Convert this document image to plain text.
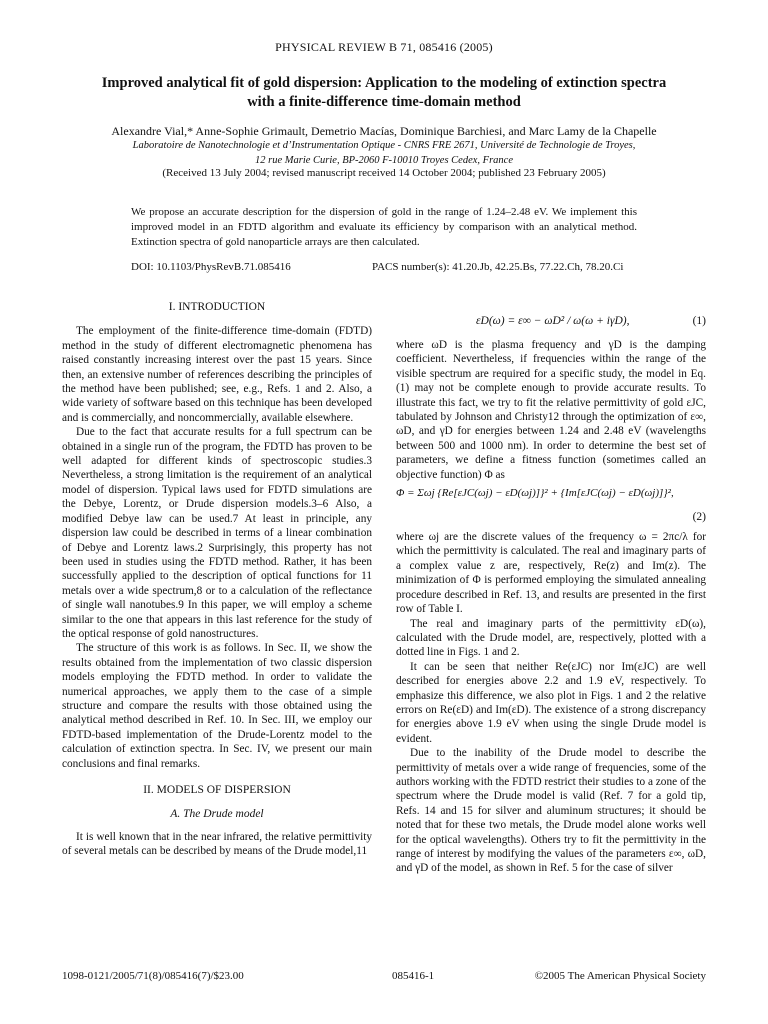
PHYSICAL REVIEW B 71, 085416 (2005)
Improved analytical fit of gold dispersion: Application to the modeling of extinction spectra
with a finite-difference time-domain method
Alexandre Vial,* Anne-Sophie Grimault, Demetrio Macías, Dominique Barchiesi, and Marc Lamy de la Chapelle
Laboratoire de Nanotechnologie et d’Instrumentation Optique - CNRS FRE 2671, Université de Technologie de Troyes,
12 rue Marie Curie, BP-2060 F-10010 Troyes Cedex, France
(Received 13 July 2004; revised manuscript received 14 October 2004; published 23 February 2005)
We propose an accurate description for the dispersion of gold in the range of 1.24–2.48 eV. We implement this improved model in an FDTD algorithm and evaluate its efficiency by comparison with an analytical method. Extinction spectra of gold nanoparticle arrays are then calculated.
DOI: 10.1103/PhysRevB.71.085416	PACS number(s): 41.20.Jb, 42.25.Bs, 77.22.Ch, 78.20.Ci
I. INTRODUCTION

The employment of the finite-difference time-domain (FDTD) method in the study of different electromagnetic phenomena has raised constantly increasing interest over the past 15 years. Since then, an extensive number of references describing the principles of the method have been published; see, e.g., Refs. 1 and 2. Also, a wide variety of software based on this technique has been developed and is commercially, and noncommercially, available elsewhere.

Due to the fact that accurate results for a full spectrum can be obtained in a single run of the program, the FDTD has proven to be well adapted for different kinds of spectroscopic studies.3 Nevertheless, a strong limitation is the requirement of an analytical model of dispersion. Typical laws used for FDTD simulations are the Debye, Lorentz, or Drude dispersion models.3–6 Also, a modified Debye law can be used.7 At least in principle, any dispersion law could be described in terms of a linear combination of Debye and Lorentz laws.2 Surprisingly, this property has not been used in studies using the FDTD method. Rather, it has been successfully applied to the description of optical functions for 11 metals over a wide spectrum,8 or to a calculation of the reflectance of single wall nanotubes.9 In this paper, we will employ a scheme similar to the one that appears in this last reference for the study of the optical response of gold nanostructures.

The structure of this work is as follows. In Sec. II, we show the results obtained from the implementation of two classic dispersion models employing the FDTD method. In order to validate the numerical approaches, we apply them to the case of a simple structure and compare the results with those obtained using the analytical method described in Ref. 10. In Sec. III, we employ our FDTD-based implementation of the Drude-Lorentz model to the calculation of extinction spectra. In Sec. IV, we present our main conclusions and final remarks.

II. MODELS OF DISPERSION
A. The Drude model

It is well known that in the near infrared, the relative permittivity of several metals can be described by means of the Drude model,11

εD(ω) = ε∞ − ωD² / ω(ω + iγD),	(1)

where ωD is the plasma frequency and γD is the damping coefficient. Nevertheless, if frequencies within the range of the visible spectrum are required for a specific study, the model in Eq. (1) may not be complete enough to provide accurate results. To illustrate this fact, we try to fit the relative permittivity of gold εJC, tabulated by Johnson and Christy12 through the optimization of ε∞, ωD, and γD for energies between 1.24 and 2.48 eV (wavelengths between 500 and 1000 nm). In order to determine the best set of parameters, we define a fitness function (sometimes called an objective function) Φ as

Φ = Σωj {Re[εJC(ωj) − εD(ωj)]}² + {Im[εJC(ωj) − εD(ωj)]}²,
(2)

where ωj are the discrete values of the frequency ω = 2πc/λ for which the permittivity is calculated. The real and imaginary parts of a complex value z are, respectively, Re(z) and Im(z). The minimization of Φ is performed employing the simulated annealing procedure described in Ref. 13, and results are presented in the first row of Table I.

The real and imaginary parts of the permittivity εD(ω), calculated with the Drude model, are, respectively, plotted with a dotted line in Figs. 1 and 2.

It can be seen that neither Re(εJC) nor Im(εJC) are well described for energies above 2.2 and 1.9 eV, respectively. To emphasize this difference, we also plot in Figs. 1 and 2 the relative errors on Re(εD) and Im(εD). The existence of a strong discrepancy for energies above 1.9 eV when using the single Drude model is evident.

Due to the inability of the Drude model to describe the permittivity of metals over a wide range of frequencies, some of the authors working with the FDTD restrict their studies to a zone of the spectrum where the Drude model is valid (Ref. 7 for a gold tip, Refs. 14 and 15 for silver and aluminum structures; it should be noted that for these two metals, the Drude model alone works well for the optical wavelengths). Others try to fit the permittivity in the range of interest by modifying the values of the parameters ε∞, ωD, and γD of the model, as shown in Ref. 5 for the case of silver

1098-0121/2005/71(8)/085416(7)/$23.00	085416-1	©2005 The American Physical Society
